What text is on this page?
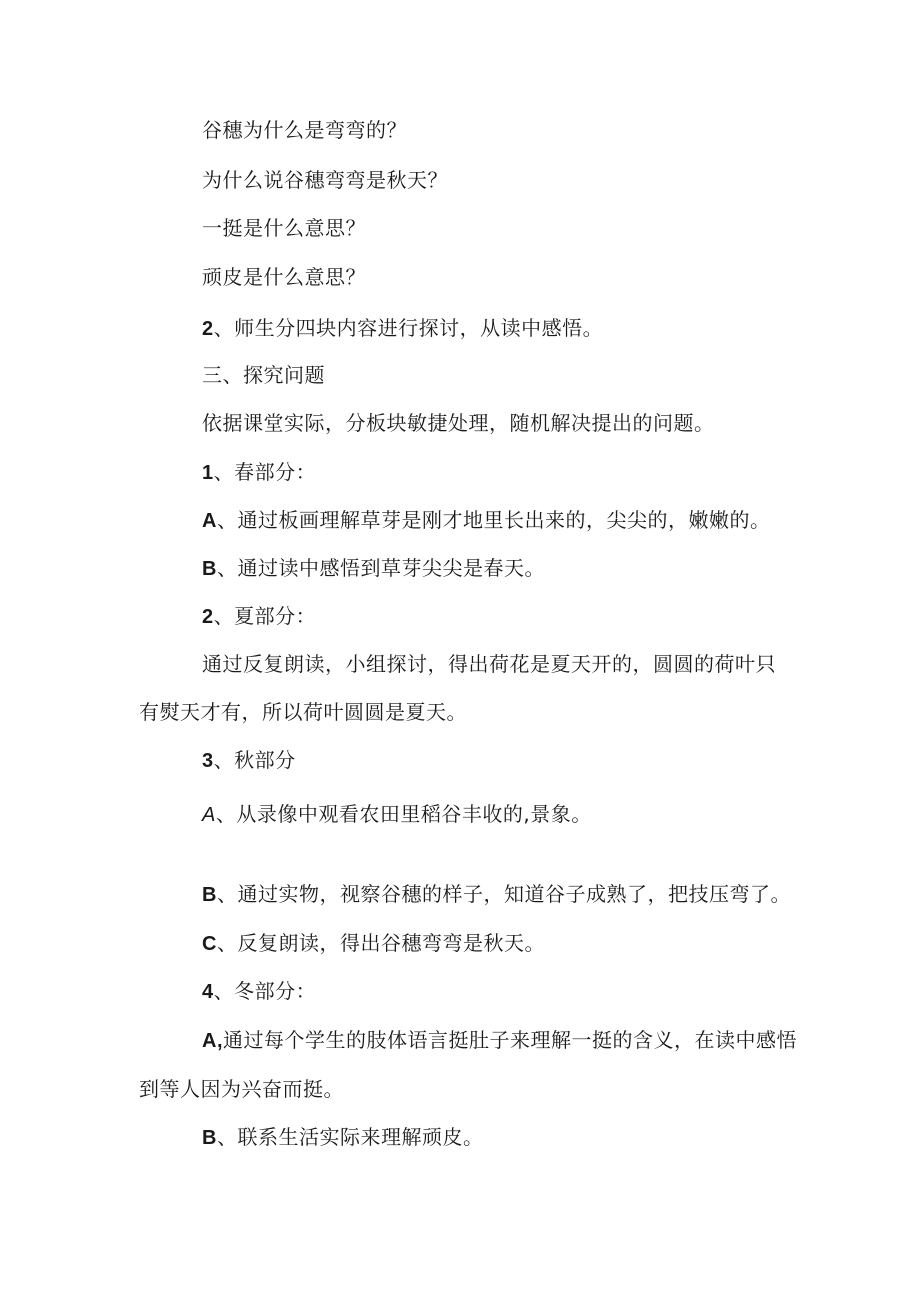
谷穗为什么是弯弯的？
为什么说谷穗弯弯是秋天？
一挺是什么意思？
顽皮是什么意思？
2、师生分四块内容进行探讨，从读中感悟。
三、探究问题
依据课堂实际，分板块敏捷处理，随机解决提出的问题。
1、春部分：
A、通过板画理解草芽是刚才地里长出来的，尖尖的，嫩嫩的。
B、通过读中感悟到草芽尖尖是春天。
2、夏部分：
通过反复朗读，小组探讨，得出荷花是夏天开的，圆圆的荷叶只
有熨天才有，所以荷叶圆圆是夏天。
3、秋部分
A、从录像中观看农田里稻谷丰收的,景象。
B、通过实物，视察谷穗的样子，知道谷子成熟了，把技压弯了。
C、反复朗读，得出谷穗弯弯是秋天。
4、冬部分：
A,通过每个学生的肢体语言挺肚子来理解一挺的含义，在读中感悟
到等人因为兴奋而挺。
B、联系生活实际来理解顽皮。
